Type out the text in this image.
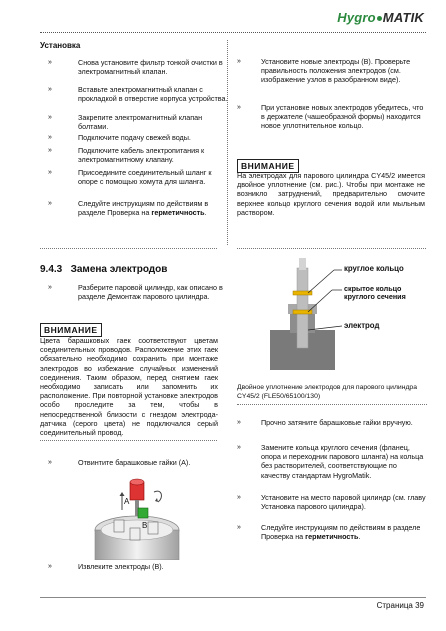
Hygro MATIK
Установка
»	Снова установите фильтр тонкой очистки в электромагнитный клапан.
»	Вставьте электромагнитный клапан с прокладкой в отверстие корпуса устройства.
»	Закрепите электромагнитный клапан болтами.
»	Подключите подачу свежей воды.
»	Подключите кабель электропитания к электромагнитному клапану.
»	Присоедините соединительный шланг к опоре с помощью хомута для шланга.
»	Следуйте инструкциям по действиям в разделе Проверка на герметичность.
9.4.3 Замена электродов
»	Разберите паровой цилиндр, как описано в разделе Демонтаж парового цилиндра.
ВНИМАНИЕ
Цвета барашковых гаек соответствуют цветам соединительных проводов. Расположение этих гаек обязательно необходимо сохранить при монтаже электродов во избежание случайных изменений соединения. Таким образом, перед снятием гаек необходимо записать или запомнить их расположение. При повторной установке электродов особо проследите за тем, чтобы в непосредственной близости с гнездом электрода-датчика (серого цвета) не подключался серый соединительный провод.
»	Отвинтите барашковые гайки (A).
A
B
»	Извлеките электроды (B).
»	Установите новые электроды (B). Проверьте правильность положения электродов (см. изображение узлов в разобранном виде).
»	При установке новых электродов убедитесь, что в держателе (чашеобразной формы) находится новое уплотнительное кольцо.
ВНИМАНИЕ
На электродах для парового цилиндра CY45/2 имеется двойное уплотнение (см. рис.). Чтобы при монтаже не возникло затруднений, предварительно смочите верхнее кольцо круглого сечения водой или мыльным раствором.
круглое кольцо
скрытое кольцо круглого сечения
электрод
Двойное уплотнение электродов для парового цилиндра CY45/2 (FLE50/65100/130)
»	Прочно затяните барашковые гайки вручную.
»	Замените кольца круглого сечения (фланец, опора и переходник парового шланга) на кольца без растворителей, соответствующие по качеству стандартам HygroMatik.
»	Установите на место паровой цилиндр (см. главу Установка парового цилиндра).
»	Следуйте инструкциям по действиям в разделе Проверка на герметичность.
Страница 39
